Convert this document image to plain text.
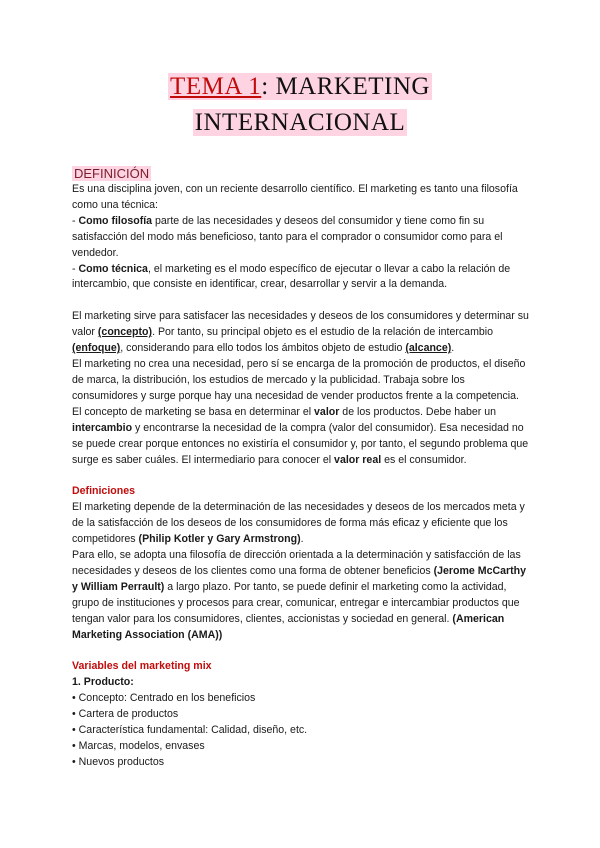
TEMA 1: MARKETING
INTERNACIONAL
DEFINICIÓN

Es una disciplina joven, con un reciente desarrollo científico. El marketing es tanto una filosofía como una técnica:

- Como filosofía parte de las necesidades y deseos del consumidor y tiene como fin su satisfacción del modo más beneficioso, tanto para el comprador o consumidor como para el vendedor.

- Como técnica, el marketing es el modo específico de ejecutar o llevar a cabo la relación de intercambio, que consiste en identificar, crear, desarrollar y servir a la demanda.

El marketing sirve para satisfacer las necesidades y deseos de los consumidores y determinar su valor (concepto). Por tanto, su principal objeto es el estudio de la relación de intercambio (enfoque), considerando para ello todos los ámbitos objeto de estudio (alcance).

El marketing no crea una necesidad, pero sí se encarga de la promoción de productos, el diseño de marca, la distribución, los estudios de mercado y la publicidad. Trabaja sobre los consumidores y surge porque hay una necesidad de vender productos frente a la competencia.

El concepto de marketing se basa en determinar el valor de los productos. Debe haber un intercambio y encontrarse la necesidad de la compra (valor del consumidor). Esa necesidad no se puede crear porque entonces no existiría el consumidor y, por tanto, el segundo problema que surge es saber cuáles. El intermediario para conocer el valor real es el consumidor.

Definiciones

El marketing depende de la determinación de las necesidades y deseos de los mercados meta y de la satisfacción de los deseos de los consumidores de forma más eficaz y eficiente que los competidores (Philip Kotler y Gary Armstrong).

Para ello, se adopta una filosofía de dirección orientada a la determinación y satisfacción de las necesidades y deseos de los clientes como una forma de obtener beneficios (Jerome McCarthy y William Perrault) a largo plazo. Por tanto, se puede definir el marketing como la actividad, grupo de instituciones y procesos para crear, comunicar, entregar e intercambiar productos que tengan valor para los consumidores, clientes, accionistas y sociedad en general. (American Marketing Association (AMA))

Variables del marketing mix
1. Producto:
• Concepto: Centrado en los beneficios
• Cartera de productos
• Característica fundamental: Calidad, diseño, etc.
• Marcas, modelos, envases
• Nuevos productos
